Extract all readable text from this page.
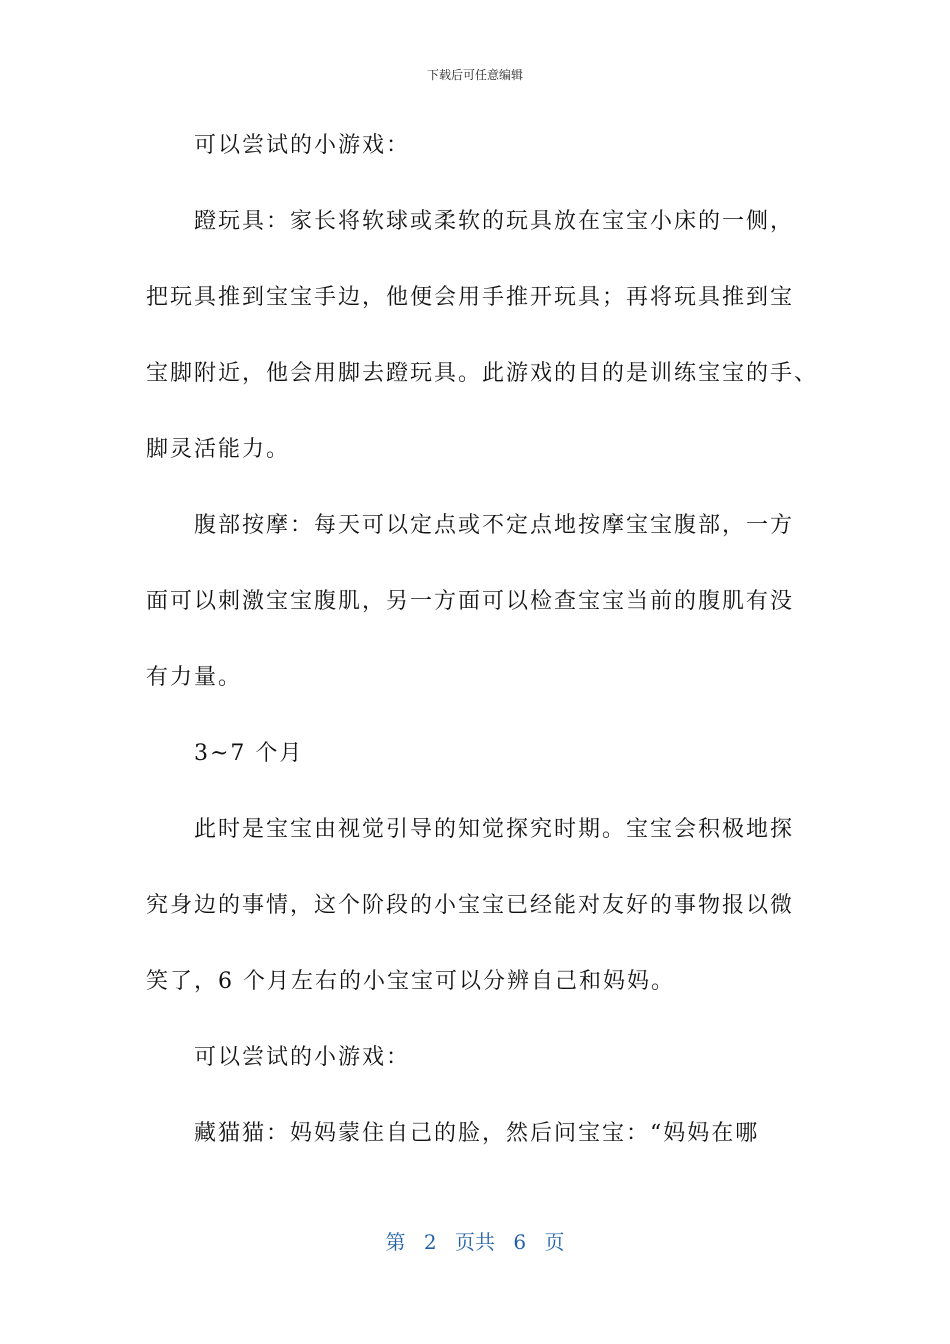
下载后可任意编辑
可以尝试的小游戏：
蹬玩具：家长将软球或柔软的玩具放在宝宝小床的一侧，
把玩具推到宝宝手边，他便会用手推开玩具；再将玩具推到宝
宝脚附近，他会用脚去蹬玩具。此游戏的目的是训练宝宝的手、
脚灵活能力。
腹部按摩：每天可以定点或不定点地按摩宝宝腹部，一方
面可以刺激宝宝腹肌，另一方面可以检查宝宝当前的腹肌有没
有力量。
3~7 个月
此时是宝宝由视觉引导的知觉探究时期。宝宝会积极地探
究身边的事情，这个阶段的小宝宝已经能对友好的事物报以微
笑了，6 个月左右的小宝宝可以分辨自己和妈妈。
可以尝试的小游戏：
藏猫猫：妈妈蒙住自己的脸，然后问宝宝：“妈妈在哪
第 2 页共 6 页
